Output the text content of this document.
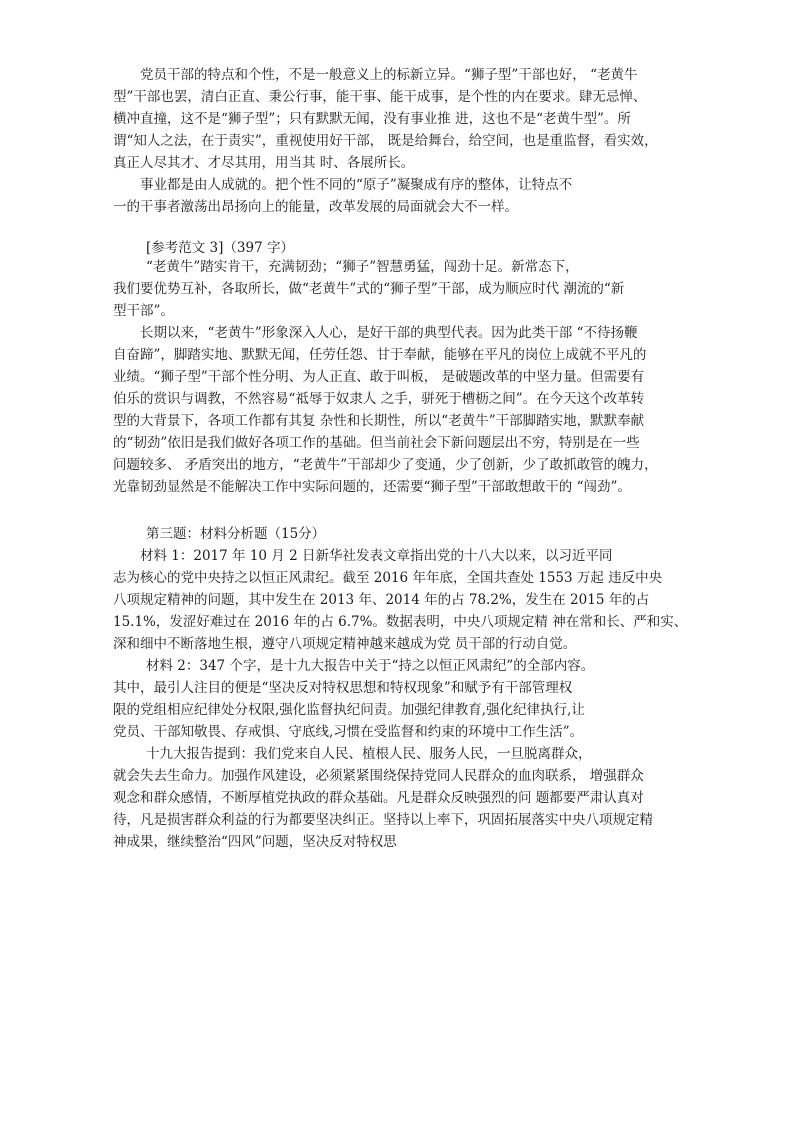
党员干部的特点和个性，不是一般意义上的标新立异。“狮子型”干部也好， “老黄牛
型”干部也罢，清白正直、秉公行事，能干事、能干成事，是个性的内在要求。肆无忌惮、
横冲直撞，这不是“狮子型”；只有默默无闻，没有事业推 进，这也不是“老黄牛型”。所
谓“知人之法，在于责实”，重视使用好干部， 既是给舞台，给空间，也是重监督，看实效，
真正人尽其才、才尽其用，用当其 时、各展所长。
事业都是由人成就的。把个性不同的“原子”凝聚成有序的整体，让特点不
一的干事者激荡出昂扬向上的能量，改革发展的局面就会大不一样。
[参考范文 3]（397 字）
“老黄牛”踏实肯干，充满韧劲；“狮子”智慧勇猛，闯劲十足。新常态下，
我们要优势互补，各取所长，做“老黄牛”式的“狮子型”干部，成为顺应时代 潮流的“新
型干部”。
长期以来，“老黄牛”形象深入人心，是好干部的典型代表。因为此类干部 “不待扬鞭
自奋蹄”，脚踏实地、默默无闻，任劳任怨、甘于奉献，能够在平凡的岗位上成就不平凡的
业绩。“狮子型”干部个性分明、为人正直、敢于叫板， 是破题改革的中坚力量。但需要有
伯乐的赏识与调教，不然容易“祗辱于奴隶人 之手，骈死于槽枥之间”。在今天这个改革转
型的大背景下，各项工作都有其复 杂性和长期性，所以“老黄牛”干部脚踏实地，默默奉献
的“韧劲”依旧是我们做好各项工作的基础。但当前社会下新问题层出不穷，特别是在一些
问题较多、 矛盾突出的地方，“老黄牛”干部却少了变通，少了创新，少了敢抓敢管的魄力，
光靠韧劲显然是不能解决工作中实际问题的，还需要“狮子型”干部敢想敢干的 “闯劲”。
第三题：材料分析题（15分）
材料 1：2017 年 10 月 2 日新华社发表文章指出党的十八大以来，以习近平同
志为核心的党中央持之以恒正风肃纪。截至 2016 年年底，全国共查处 1553 万起 违反中央
八项规定精神的问题，其中发生在 2013 年、2014 年的占 78.2%，发生在 2015 年的占
15.1%，发涩好难过在 2016 年的占 6.7%。数据表明，中央八项规定精 神在常和长、严和实、
深和细中不断落地生根，遵守八项规定精神越来越成为党 员干部的行动自觉。
材料 2：347 个字，是十九大报告中关于“持之以恒正风肃纪”的全部内容。
其中，最引人注目的便是“坚决反对特权思想和特权现象”和赋予有干部管理权
限的党组相应纪律处分权限,强化监督执纪问责。加强纪律教育,强化纪律执行,让
党员、干部知敬畏、存戒惧、守底线,习惯在受监督和约束的环境中工作生活”。
十九大报告提到：我们党来自人民、植根人民、服务人民，一旦脱离群众，
就会失去生命力。加强作风建设，必须紧紧围绕保持党同人民群众的血肉联系， 增强群众
观念和群众感情，不断厚植党执政的群众基础。凡是群众反映强烈的问 题都要严肃认真对
待，凡是损害群众利益的行为都要坚决纠正。坚持以上率下，巩固拓展落实中央八项规定精
神成果，继续整治“四风”问题，坚决反对特权思
